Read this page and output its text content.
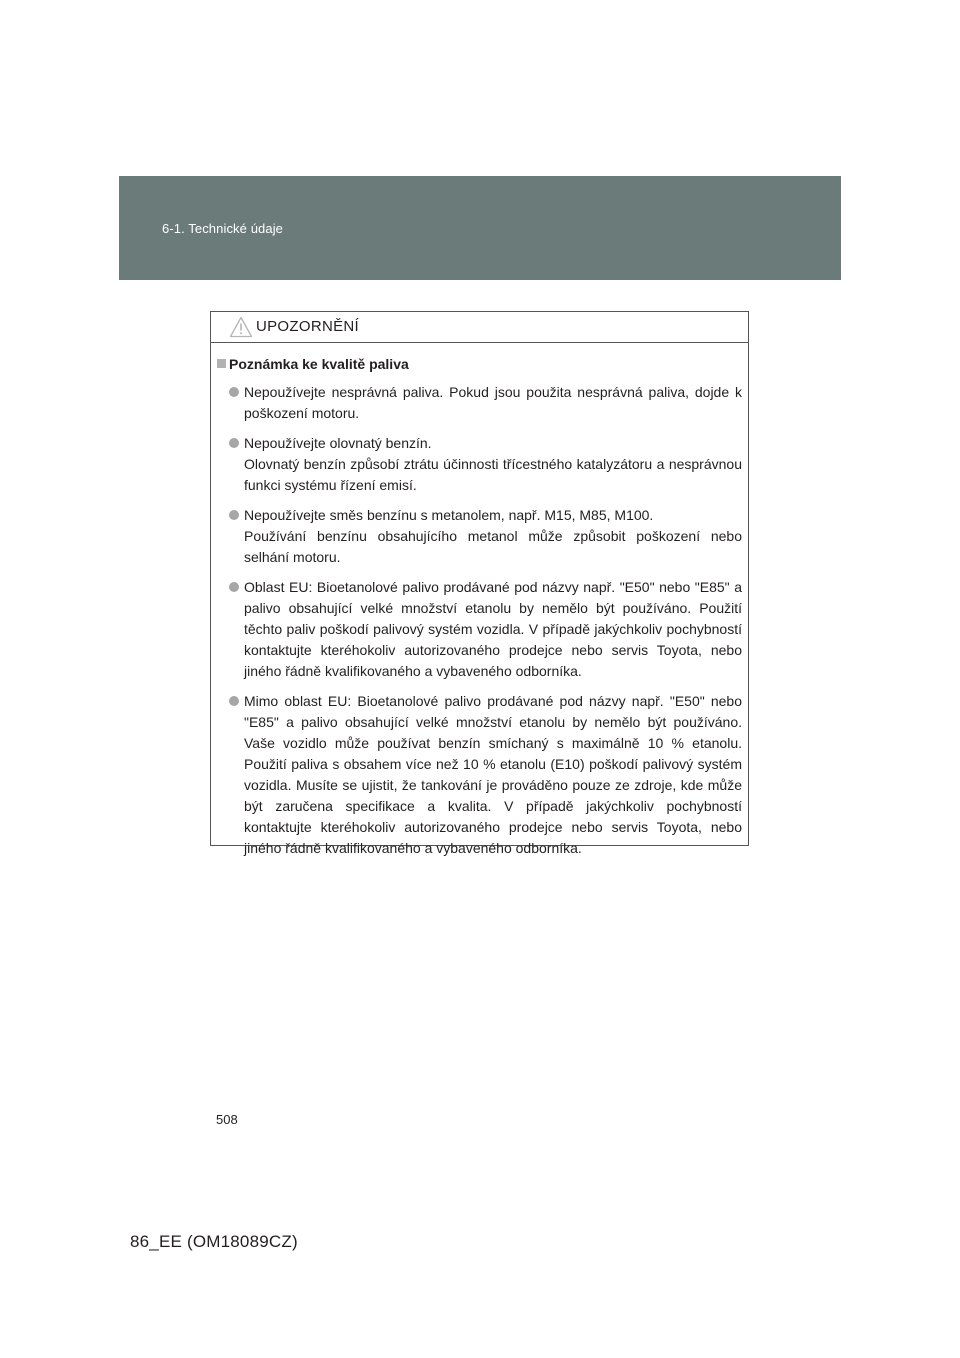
6-1. Technické údaje
UPOZORNĚNÍ
Poznámka ke kvalitě paliva

Nepoužívejte nesprávná paliva. Pokud jsou použita nesprávná paliva, dojde k poškození motoru.

Nepoužívejte olovnatý benzín.

Olovnatý benzín způsobí ztrátu účinnosti třícestného katalyzátoru a nesprávnou funkci systému řízení emisí.

Nepoužívejte směs benzínu s metanolem, např. M15, M85, M100.

Používání benzínu obsahujícího metanol může způsobit poškození nebo selhání motoru.

Oblast EU: Bioetanolové palivo prodávané pod názvy např. "E50" nebo "E85" a palivo obsahující velké množství etanolu by nemělo být používáno. Použití těchto paliv poškodí palivový systém vozidla. V případě jakýchkoliv pochybností kontaktujte kteréhokoliv autorizovaného prodejce nebo servis Toyota, nebo jiného řádně kvalifikovaného a vybaveného odborníka.

Mimo oblast EU: Bioetanolové palivo prodávané pod názvy např. "E50" nebo "E85" a palivo obsahující velké množství etanolu by nemělo být používáno. Vaše vozidlo může používat benzín smíchaný s maximálně 10 % etanolu. Použití paliva s obsahem více než 10 % etanolu (E10) poškodí palivový systém vozidla. Musíte se ujistit, že tankování je prováděno pouze ze zdroje, kde může být zaručena specifikace a kvalita. V případě jakýchkoliv pochybností kontaktujte kteréhokoliv autorizovaného prodejce nebo servis Toyota, nebo jiného řádně kvalifikovaného a vybaveného odborníka.

508
86_EE (OM18089CZ)
